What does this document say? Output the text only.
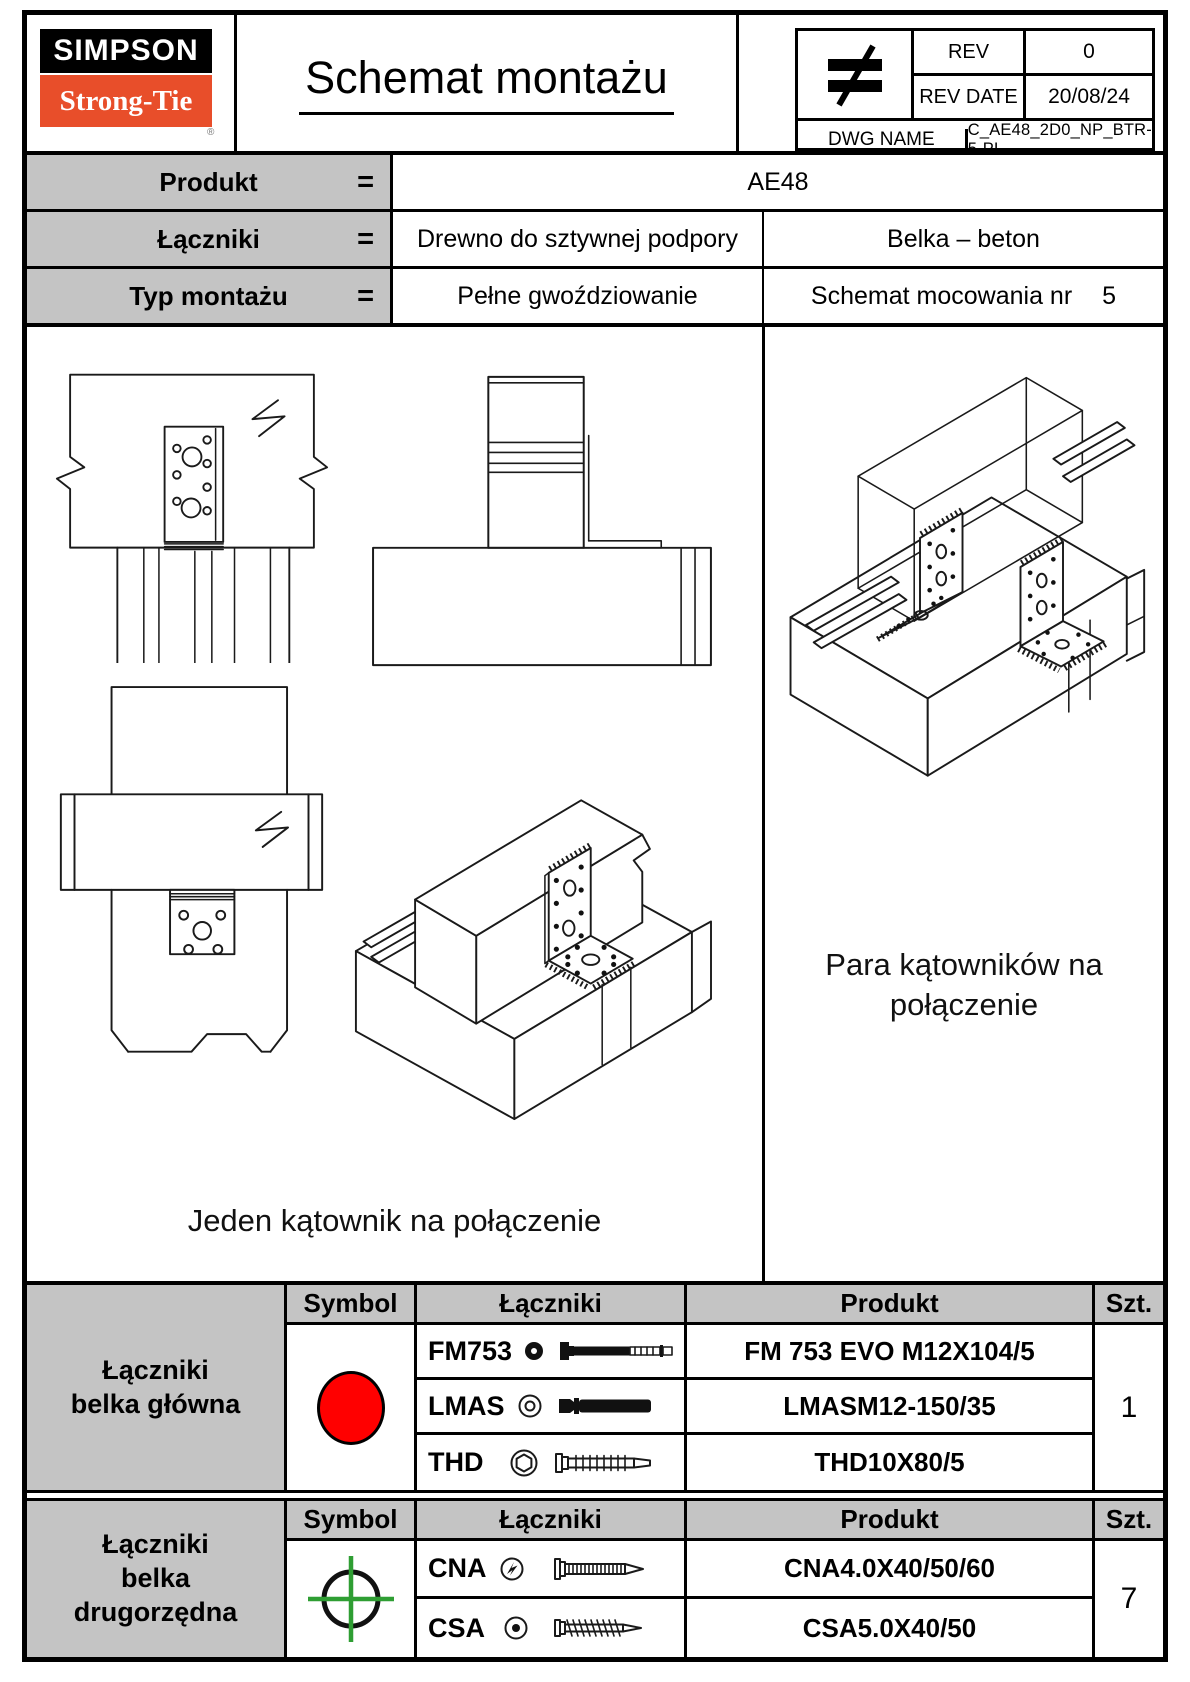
SIMPSON
Strong-Tie
®
Schemat montażu	REV	0
REV DATE	20/08/24
DWG NAME	C_AE48_2D0_NP_BTR-5-PL
Produkt	=	AE48
Łączniki	=	Drewno do sztywnej podpory	Belka – beton
Typ montażu =	Pełne gwoździowanie	Schemat mocowania nr 5
Jeden kątownik na połączenie
Para kątowników na
połączenie
Łączniki
belka główna
Symbol	Łączniki	Produkt	Szt.
FM753	FM 753 EVO M12X104/5
LMAS	LMASM12-150/35
THD	THD10X80/5
1
Łączniki
belka
drugorzędna
Symbol	Łączniki	Produkt	Szt.
CNA	CNA4.0X40/50/60
CSA	CSA5.0X40/50
7
